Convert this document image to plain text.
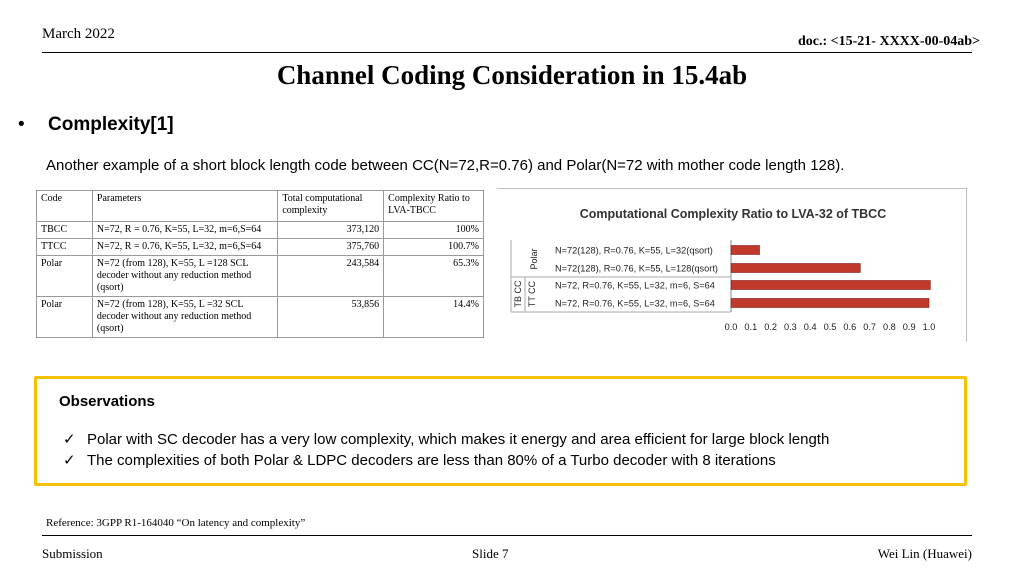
March 2022	doc.: <15-21- XXXX-00-04ab>
Channel Coding Consideration in 15.4ab
• Complexity[1]
Another example of a short block length code between CC(N=72,R=0.76) and Polar(N=72 with mother code length 128).
Code	Parameters	Total computational complexity	Complexity Ratio to LVA-TBCC
TBCC	N=72, R = 0.76, K=55, L=32, m=6,S=64	373,120	100%
TTCC	N=72, R = 0.76, K=55, L=32, m=6,S=64	375,760	100.7%
Polar	N=72 (from 128), K=55, L =128 SCL decoder without any reduction method (qsort)	243,584	65.3%
Polar	N=72 (from 128), K=55, L =32 SCL decoder without any reduction method (qsort)	53,856	14.4%
Computational Complexity Ratio to LVA-32 of TBCC
N=72(128), R=0.76, K=55, L=32(qsort)
N=72(128), R=0.76, K=55, L=128(qsort)
N=72, R=0.76, K=55, L=32, m=6, S=64
N=72, R=0.76, K=55, L=32, m=6, S=64
Polar
TT CC
TB CC
0.0 0.1 0.2 0.3 0.4 0.5 0.6 0.7 0.8 0.9 1.0
Observations
✓ Polar with SC decoder has a very low complexity, which makes it energy and area efficient for large block length
✓ The complexities of both Polar & LDPC decoders are less than 80% of a Turbo decoder with 8 iterations
Reference: 3GPP R1-164040 “On latency and complexity”
Submission	Slide 7	Wei Lin (Huawei)
